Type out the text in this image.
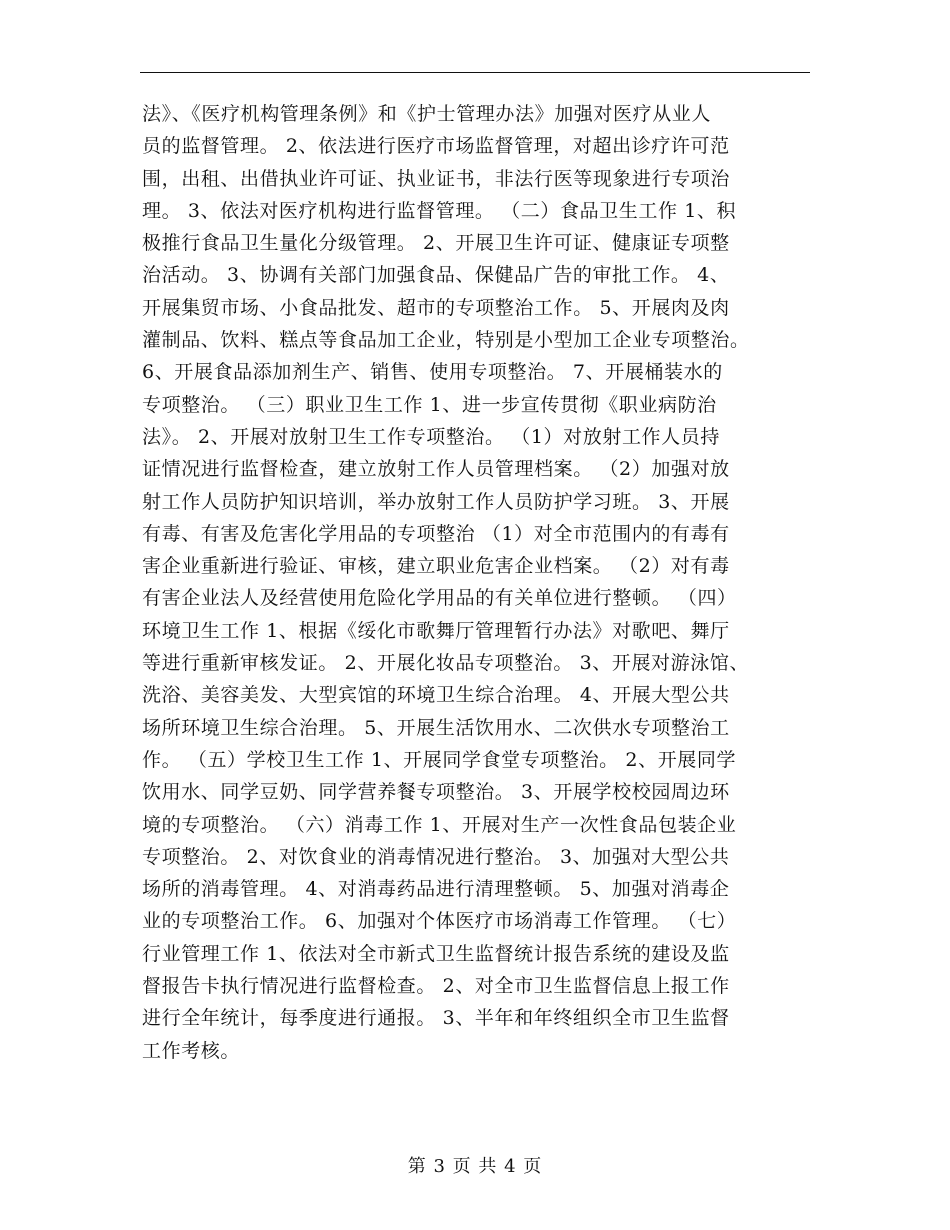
法》、《医疗机构管理条例》和《护士管理办法》加强对医疗从业人
员的监督管理。 2、依法进行医疗市场监督管理，对超出诊疗许可范
围，出租、出借执业许可证、执业证书，非法行医等现象进行专项治
理。 3、依法对医疗机构进行监督管理。 （二）食品卫生工作 1、积
极推行食品卫生量化分级管理。 2、开展卫生许可证、健康证专项整
治活动。 3、协调有关部门加强食品、保健品广告的审批工作。 4、
开展集贸市场、小食品批发、超市的专项整治工作。 5、开展肉及肉
灌制品、饮料、糕点等食品加工企业，特别是小型加工企业专项整治。
6、开展食品添加剂生产、销售、使用专项整治。 7、开展桶装水的
专项整治。 （三）职业卫生工作 1、进一步宣传贯彻《职业病防治
法》。 2、开展对放射卫生工作专项整治。 （1）对放射工作人员持
证情况进行监督检查，建立放射工作人员管理档案。 （2）加强对放
射工作人员防护知识培训，举办放射工作人员防护学习班。 3、开展
有毒、有害及危害化学用品的专项整治 （1）对全市范围内的有毒有
害企业重新进行验证、审核，建立职业危害企业档案。 （2）对有毒
有害企业法人及经营使用危险化学用品的有关单位进行整顿。 （四）
环境卫生工作 1、根据《绥化市歌舞厅管理暂行办法》对歌吧、舞厅
等进行重新审核发证。 2、开展化妆品专项整治。 3、开展对游泳馆、
洗浴、美容美发、大型宾馆的环境卫生综合治理。 4、开展大型公共
场所环境卫生综合治理。 5、开展生活饮用水、二次供水专项整治工
作。 （五）学校卫生工作 1、开展同学食堂专项整治。 2、开展同学
饮用水、同学豆奶、同学营养餐专项整治。 3、开展学校校园周边环
境的专项整治。 （六）消毒工作 1、开展对生产一次性食品包装企业
专项整治。 2、对饮食业的消毒情况进行整治。 3、加强对大型公共
场所的消毒管理。 4、对消毒药品进行清理整顿。 5、加强对消毒企
业的专项整治工作。 6、加强对个体医疗市场消毒工作管理。 （七）
行业管理工作 1、依法对全市新式卫生监督统计报告系统的建设及监
督报告卡执行情况进行监督检查。 2、对全市卫生监督信息上报工作
进行全年统计，每季度进行通报。 3、半年和年终组织全市卫生监督
工作考核。
第 3 页 共 4 页
